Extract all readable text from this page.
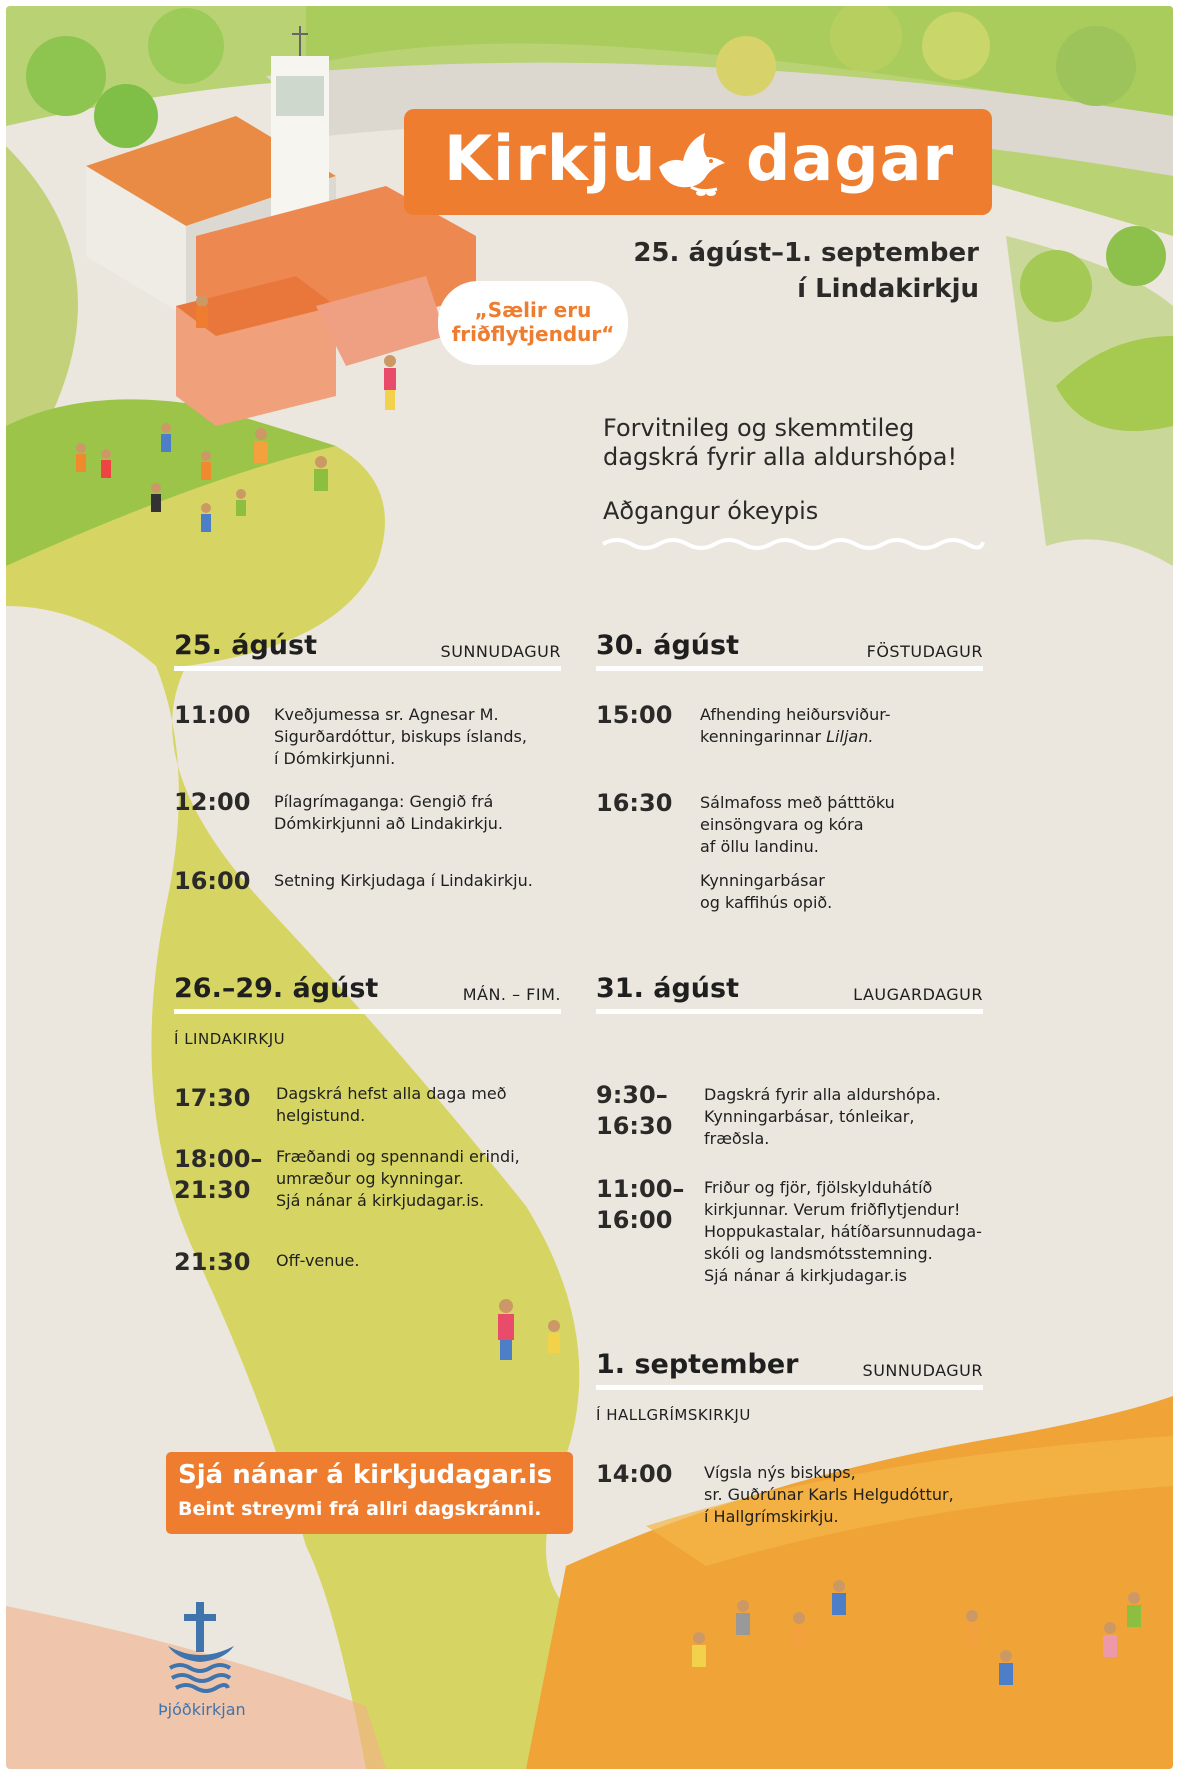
Kirkju dagar
25. ágúst–1. september
í Lindakirkju
„Sælir eru
friðflytjendur“
Forvitnileg og skemmtileg
dagskrá fyrir alla aldurshópa!
Aðgangur ókeypis
25. ágúst	SUNNUDAGUR
11:00 Kveðjumessa sr. Agnesar M.
Sigurðardóttur, biskups íslands,
í Dómkirkjunni.
12:00 Pílagrímaganga: Gengið frá
Dómkirkjunni að Lindakirkju.
16:00 Setning Kirkjudaga í Lindakirkju.
30. ágúst	FÖSTUDAGUR
15:00 Afhending heiðursviður-
kenningarinnar Liljan.
16:30 Sálmafoss með þátttöku
einsöngvara og kóra
af öllu landinu.
Kynningarbásar
og kaffihús opið.
26.–29. ágúst	MÁN. – FIM.
Í LINDAKIRKJU
17:30 Dagskrá hefst alla daga með
helgistund.
18:00–
21:30
Fræðandi og spennandi erindi,
umræður og kynningar.
Sjá nánar á kirkjudagar.is.
21:30 Off-venue.
31. ágúst	LAUGARDAGUR
9:30–
16:30
Dagskrá fyrir alla aldurshópa.
Kynningarbásar, tónleikar,
fræðsla.
11:00–
16:00
Friður og fjör, fjölskylduhátíð
kirkjunnar. Verum friðflytjendur!
Hoppukastalar, hátíðarsunnudaga-
skóli og landsmótsstemning.
Sjá nánar á kirkjudagar.is
1. september	SUNNUDAGUR
Í HALLGRÍMSKIRKJU
14:00 Vígsla nýs biskups,
sr. Guðrúnar Karls Helgudóttur,
í Hallgrímskirkju.
Sjá nánar á kirkjudagar.is
Beint streymi frá allri dagskránni.
Þjóðkirkjan
